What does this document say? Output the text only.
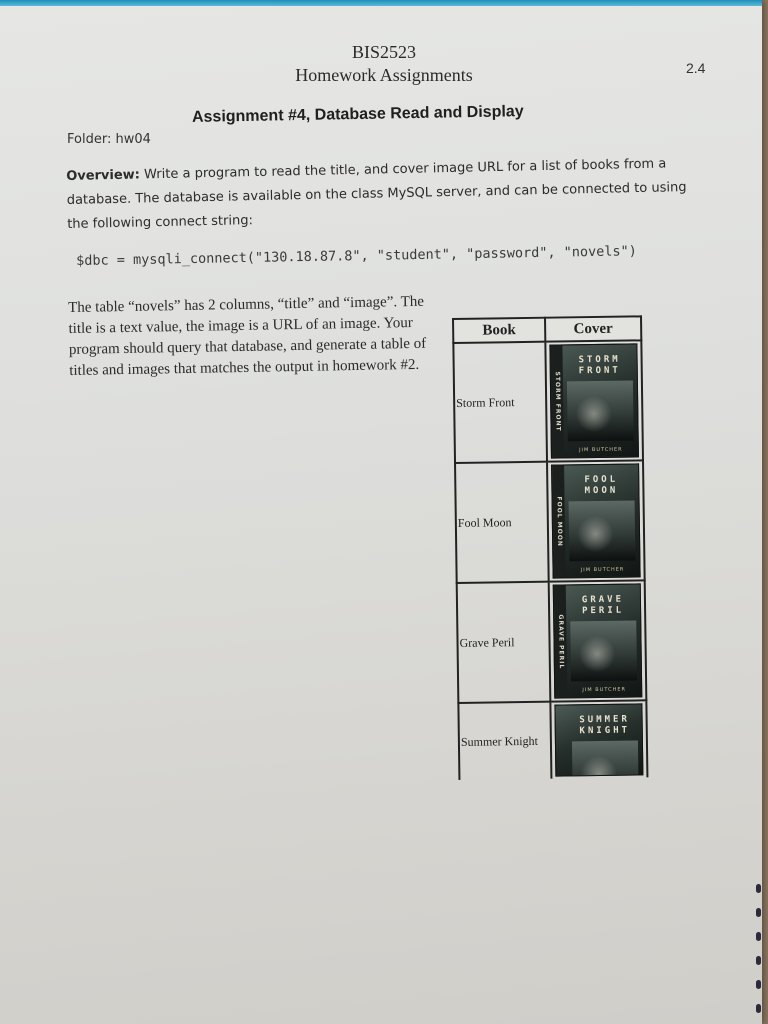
BIS2523
Homework Assignments	2.4
Assignment #4, Database Read and Display
Folder: hw04
Overview: Write a program to read the title, and cover image URL for a list of books from a database. The database is available on the class MySQL server, and can be connected to using the following connect string:
$dbc = mysqli_connect("130.18.87.8", "student", "password", "novels")
The table “novels” has 2 columns, “title” and “image”. The title is a text value, the image is a URL of an image. Your program should query that database, and generate a table of titles and images that matches the output in homework #2.
Book	Cover
Storm Front	STORM FRONT
STORM FRONT
JIM BUTCHER

Fool Moon	FOOL MOON
FOOL MOON
JIM BUTCHER

Grave Peril	GRAVE PERIL
GRAVE PERIL
JIM BUTCHER

Summer Knight	SUMMER KNIGHT
